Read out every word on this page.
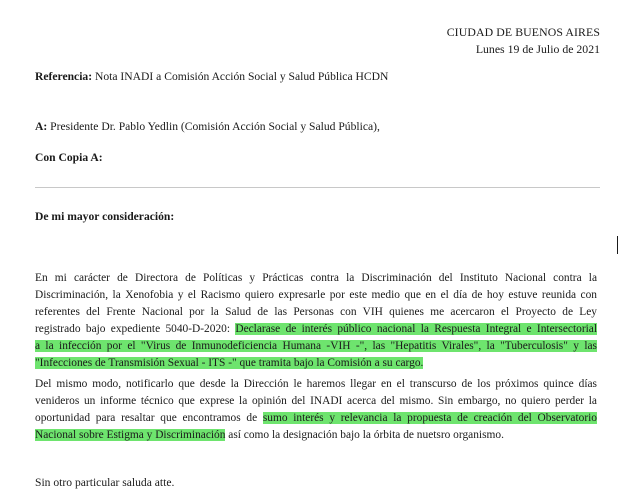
CIUDAD DE BUENOS AIRES
Lunes 19 de Julio de 2021
Referencia: Nota INADI a Comisión Acción Social y Salud Pública HCDN
A: Presidente Dr. Pablo Yedlin (Comisión Acción Social y Salud Pública),
Con Copia A:
De mi mayor consideración:
En mi carácter de Directora de Políticas y Prácticas contra la Discriminación del Instituto Nacional contra la
Discriminación, la Xenofobia y el Racismo quiero expresarle por este medio que en el día de hoy estuve reunida con
referentes del Frente Nacional por la Salud de las Personas con VIH quienes me acercaron el Proyecto de Ley
registrado bajo expediente 5040-D-2020: Declarase de interés público nacional la Respuesta Integral e Intersectorial
a la infección por el "Virus de Inmunodeficiencia Humana -VIH -", las "Hepatitis Virales", la "Tuberculosis" y las
"Infecciones de Transmisión Sexual - ITS -" que tramita bajo la Comisión a su cargo.
Del mismo modo, notificarlo que desde la Dirección le haremos llegar en el transcurso de los próximos quince días
venideros un informe técnico que exprese la opinión del INADI acerca del mismo. Sin embargo, no quiero perder la
oportunidad para resaltar que encontramos de sumo interés y relevancia la propuesta de creación del Observatorio
Nacional sobre Estigma y Discriminación así como la designación bajo la órbita de nuetsro organismo.
Sin otro particular saluda atte.
